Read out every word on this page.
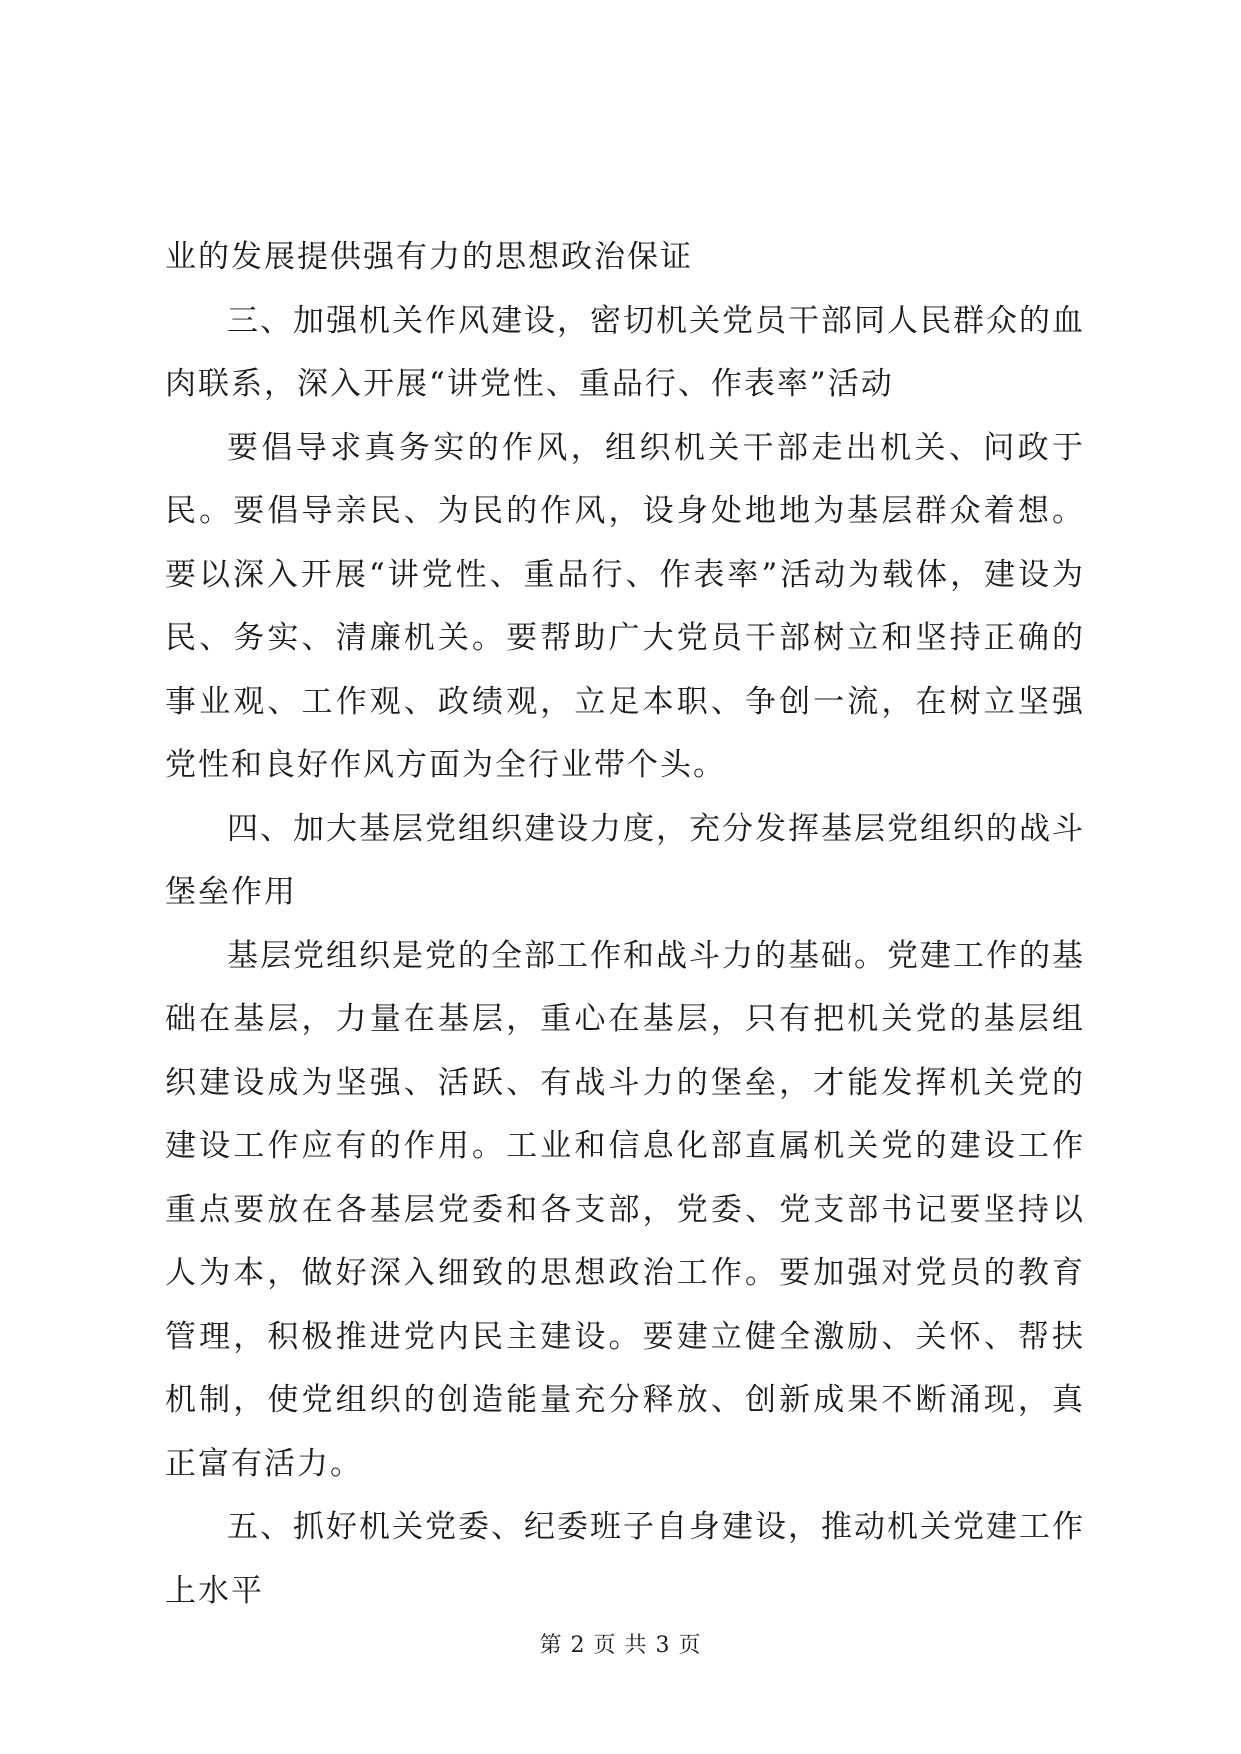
业的发展提供强有力的思想政治保证

三、加强机关作风建设，密切机关党员干部同人民群众的血肉联系，深入开展“讲党性、重品行、作表率”活动

要倡导求真务实的作风，组织机关干部走出机关、问政于民。要倡导亲民、为民的作风，设身处地地为基层群众着想。要以深入开展“讲党性、重品行、作表率”活动为载体，建设为民、务实、清廉机关。要帮助广大党员干部树立和坚持正确的事业观、工作观、政绩观，立足本职、争创一流，在树立坚强党性和良好作风方面为全行业带个头。

四、加大基层党组织建设力度，充分发挥基层党组织的战斗堡垒作用

基层党组织是党的全部工作和战斗力的基础。党建工作的基础在基层，力量在基层，重心在基层，只有把机关党的基层组织建设成为坚强、活跃、有战斗力的堡垒，才能发挥机关党的建设工作应有的作用。工业和信息化部直属机关党的建设工作重点要放在各基层党委和各支部，党委、党支部书记要坚持以人为本，做好深入细致的思想政治工作。要加强对党员的教育管理，积极推进党内民主建设。要建立健全激励、关怀、帮扶机制，使党组织的创造能量充分释放、创新成果不断涌现，真正富有活力。

五、抓好机关党委、纪委班子自身建设，推动机关党建工作上水平

第 2 页 共 3 页
